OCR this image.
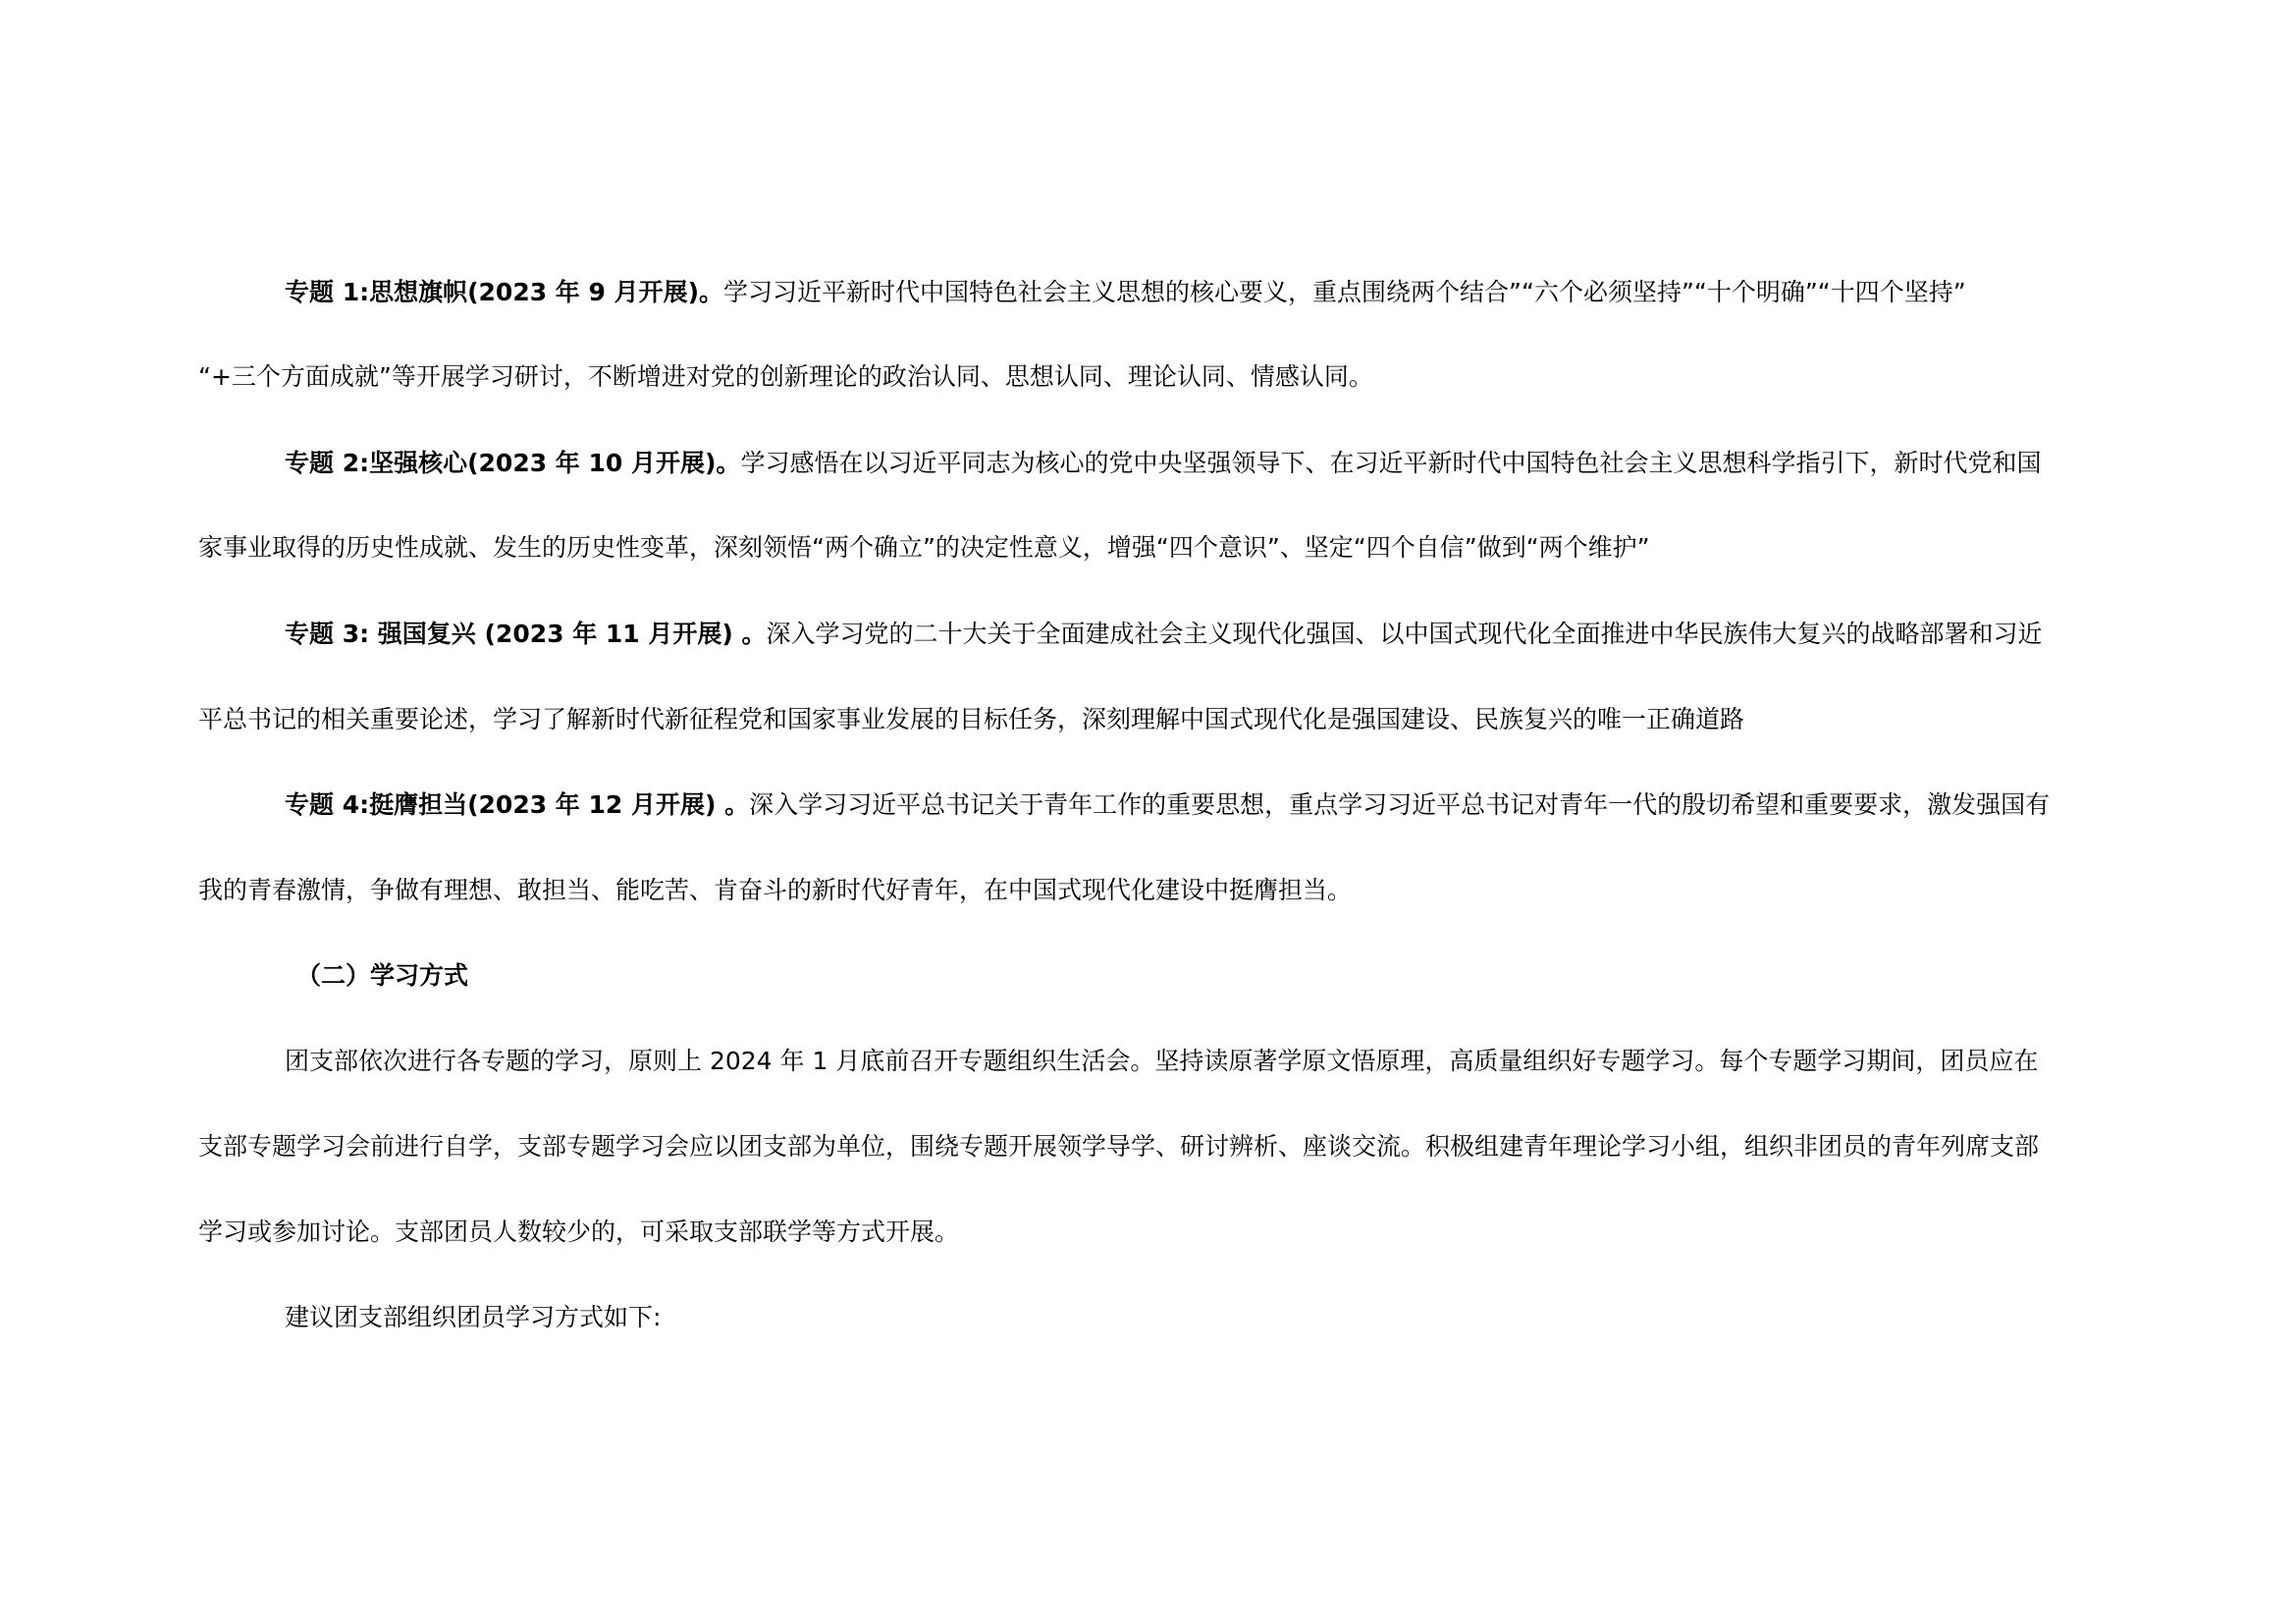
专题 1:思想旗帜(2023 年 9 月开展)。学习习近平新时代中国特色社会主义思想的核心要义，重点围绕两个结合”“六个必须坚持”“十个明确”“十四个坚持”
“+三个方面成就”等开展学习研讨，不断增进对党的创新理论的政治认同、思想认同、理论认同、情感认同。
专题 2:坚强核心(2023 年 10 月开展)。学习感悟在以习近平同志为核心的党中央坚强领导下、在习近平新时代中国特色社会主义思想科学指引下，新时代党和国
家事业取得的历史性成就、发生的历史性变革，深刻领悟“两个确立”的决定性意义，增强“四个意识”、坚定“四个自信”做到“两个维护”
专题 3: 强国复兴 (2023 年 11 月开展) 。深入学习党的二十大关于全面建成社会主义现代化强国、以中国式现代化全面推进中华民族伟大复兴的战略部署和习近
平总书记的相关重要论述，学习了解新时代新征程党和国家事业发展的目标任务，深刻理解中国式现代化是强国建设、民族复兴的唯一正确道路
专题 4:挺膺担当(2023 年 12 月开展) 。深入学习习近平总书记关于青年工作的重要思想，重点学习习近平总书记对青年一代的殷切希望和重要要求，激发强国有
我的青春激情，争做有理想、敢担当、能吃苦、肯奋斗的新时代好青年，在中国式现代化建设中挺膺担当。
（二）学习方式
团支部依次进行各专题的学习，原则上 2024 年 1 月底前召开专题组织生活会。坚持读原著学原文悟原理，高质量组织好专题学习。每个专题学习期间，团员应在
支部专题学习会前进行自学，支部专题学习会应以团支部为单位，围绕专题开展领学导学、研讨辨析、座谈交流。积极组建青年理论学习小组，组织非团员的青年列席支部
学习或参加讨论。支部团员人数较少的，可采取支部联学等方式开展。
建议团支部组织团员学习方式如下:
